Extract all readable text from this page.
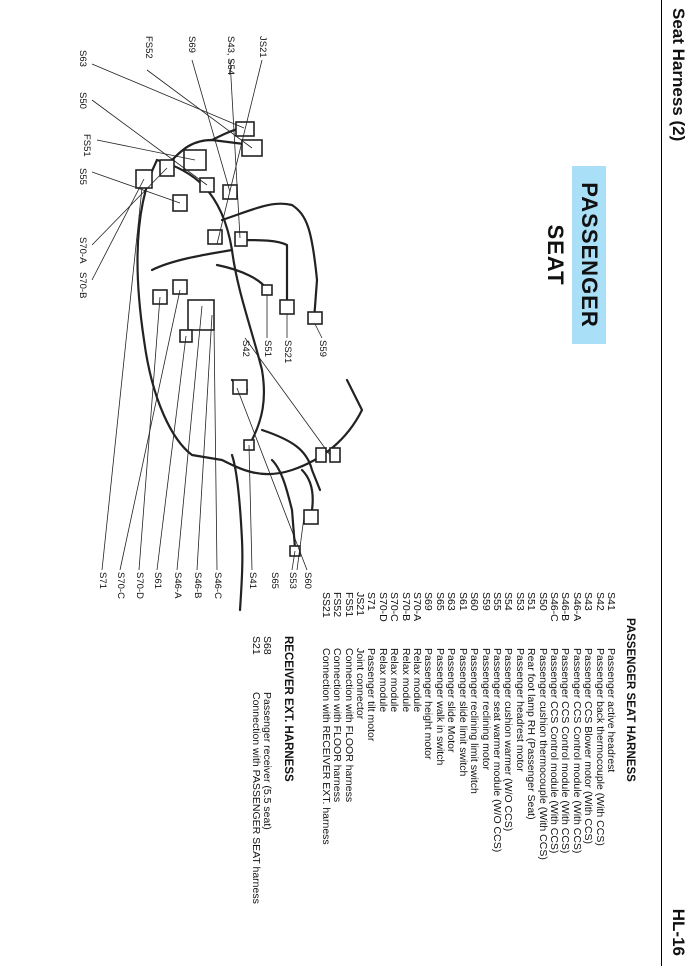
Seat Harness (2)
HL-16
PASSENGER SEAT
S63
S50
FS51
S55
S70-A
S70-B
FS52	S69	S43, S54 JS21
S59
SS21
S51
S42
S71 S70-C S70-D S61 S46-A S46-B S46-C	S41	S53
S65 S60
PASSENGER SEAT HARNESS
S41
Passenger active headrest
S42
Passenger back thermocouple (With CCS)
S43
Passenger CCS Blower motor (With CCS)
S46-A
Passenger CCS Control module (With CCS)
S46-B
Passenger CCS Control module (With CCS)
S46-C
Passenger CCS Control module (With CCS)
S50
Passenger cushion thermocouple (With CCS)
S51
Rear foot lamp RH (Passenger Seat)
S53
Passenger headrest motor
S54
Passenger cushion warmer (W/O CCS)
S55
Passenger seat warmer module (W/O CCS)
S59
Passenger reclining motor
S60
Passenger reclining limit switch
S61
Passenger slide limit switch
S63
Passenger slide Motor
S65
Passenger walk in switch
S69
Passenger height motor
S70-A
Relax module
S70-B
Relax module
S70-C
Relax module
S70-D
Relax module
S71
Passenger tilt motor
JS21
Joint connector
FS51
Connection with FLOOR harness
FS52
Connection with FLOOR harness
SS21
Connection with RECEIVER EXT. harness
RECEIVER EXT. HARNESS
S68
Passenger receiver (5.5 seat)
S21
Connection with PASSENGER SEAT harness
